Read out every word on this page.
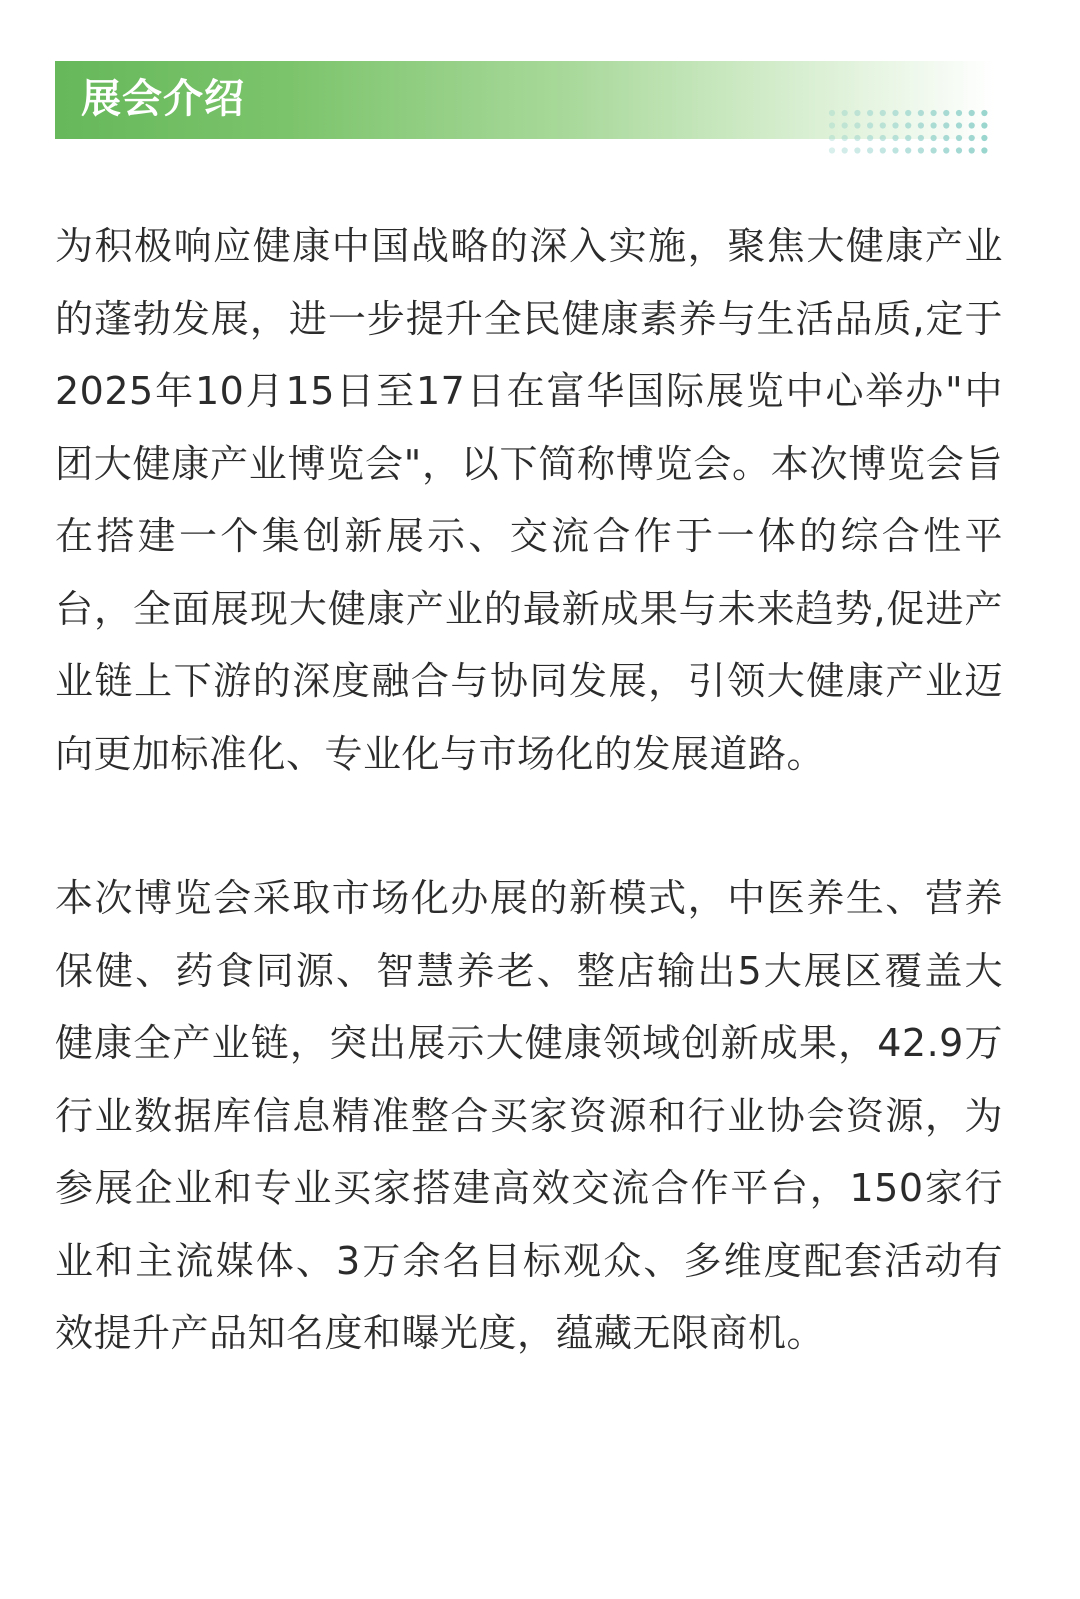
展会介绍

为积极响应健康中国战略的深入实施，聚焦大健康产业的蓬勃发展，进一步提升全民健康素养与生活品质,定于2025年10月15日至17日在富华国际展览中心举办"中团大健康产业博览会"，以下简称博览会。本次博览会旨在搭建一个集创新展示、交流合作于一体的综合性平台，全面展现大健康产业的最新成果与未来趋势,促进产业链上下游的深度融合与协同发展，引领大健康产业迈向更加标准化、专业化与市场化的发展道路。

本次博览会采取市场化办展的新模式，中医养生、营养保健、药食同源、智慧养老、整店输出5大展区覆盖大健康全产业链，突出展示大健康领域创新成果，42.9万行业数据库信息精准整合买家资源和行业协会资源，为参展企业和专业买家搭建高效交流合作平台，150家行业和主流媒体、3万余名目标观众、多维度配套活动有效提升产品知名度和曝光度，蕴藏无限商机。
